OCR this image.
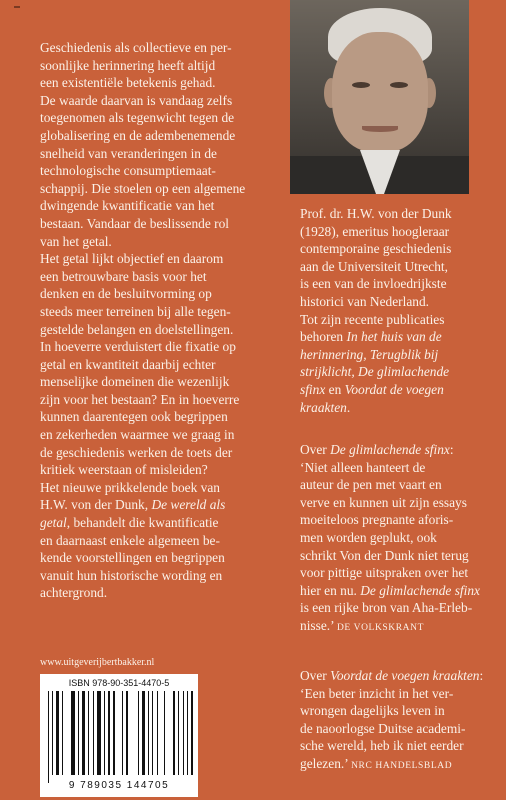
Geschiedenis als collectieve en per-

soonlijke herinnering heeft altijd

een existentiële betekenis gehad.

De waarde daarvan is vandaag zelfs

toegenomen als tegenwicht tegen de

globalisering en de adembenemende

snelheid van veranderingen in de

technologische consumptiemaat-

schappij. Die stoelen op een algemene

dwingende kwantificatie van het

bestaan. Vandaar de beslissende rol

van het getal.

Het getal lijkt objectief en daarom

een betrouwbare basis voor het

denken en de besluitvorming op

steeds meer terreinen bij alle tegen-

gestelde belangen en doelstellingen.

In hoeverre verduistert die fixatie op

getal en kwantiteit daarbij echter

menselijke domeinen die wezenlijk

zijn voor het bestaan? En in hoeverre

kunnen daarentegen ook begrippen

en zekerheden waarmee we graag in

de geschiedenis werken de toets der

kritiek weerstaan of misleiden?

Het nieuwe prikkelende boek van

H.W. von der Dunk, De wereld als

getal, behandelt die kwantificatie

en daarnaast enkele algemeen be-

kende voorstellingen en begrippen

vanuit hun historische wording en

achtergrond.

Prof. dr. H.W. von der Dunk

(1928), emeritus hoogleraar

contemporaine geschiedenis

aan de Universiteit Utrecht,

is een van de invloedrijkste

historici van Nederland.

Tot zijn recente publicaties

behoren In het huis van de

herinnering, Terugblik bij

strijklicht, De glimlachende

sfinx en Voordat de voegen

kraakten.

Over De glimlachende sfinx:

‘Niet alleen hanteert de

auteur de pen met vaart en

verve en kunnen uit zijn essays

moeiteloos pregnante aforis-

men worden geplukt, ook

schrikt Von der Dunk niet terug

voor pittige uitspraken over het

hier en nu. De glimlachende sfinx

is een rijke bron van Aha-Erleb-

nisse.’ DE VOLKSKRANT

Over Voordat de voegen kraakten:

‘Een beter inzicht in het ver-

wrongen dagelijks leven in

de naoorlogse Duitse academi-

sche wereld, heb ik niet eerder

gelezen.’ NRC HANDELSBLAD

www.uitgeverijbertbakker.nl
ISBN 978-90-351-4470-5
9 789035 144705
